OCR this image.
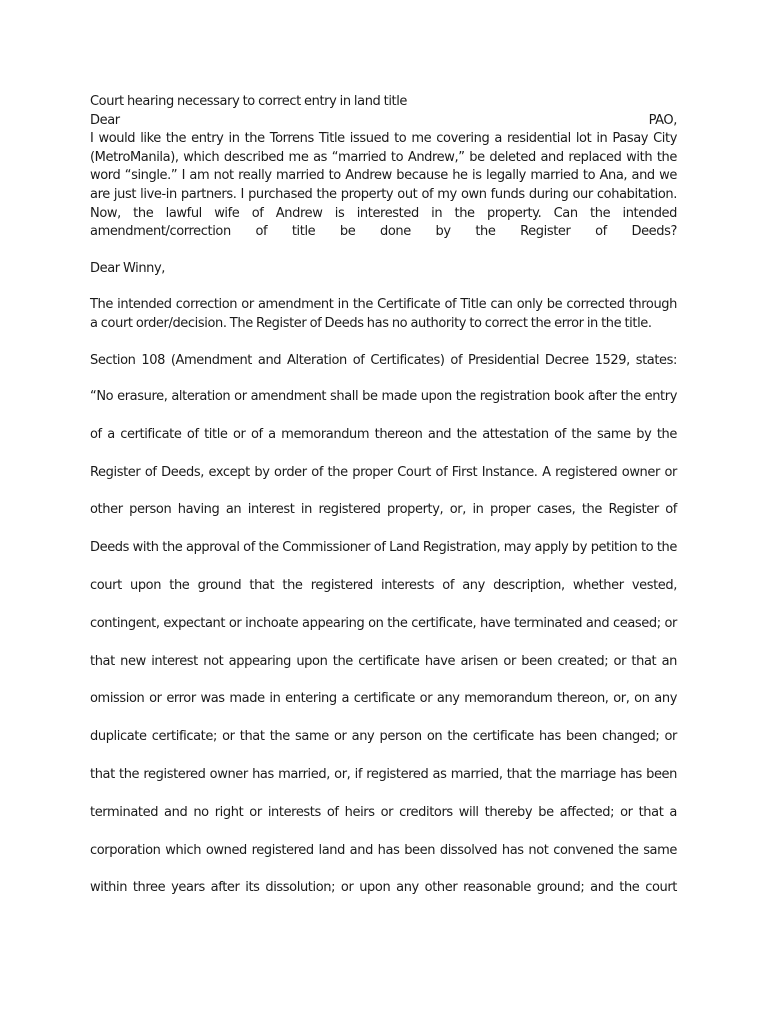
Court hearing necessary to correct entry in land title
Dear	PAO,
I would like the entry in the Torrens Title issued to me covering a residential lot in Pasay City
(MetroManila), which described me as “married to Andrew,” be deleted and replaced with the
word “single.” I am not really married to Andrew because he is legally married to Ana, and we
are just live-in partners. I purchased the property out of my own funds during our cohabitation.
Now, the lawful wife of Andrew is interested in the property. Can the intended
amendment/correction of title be done by the Register of Deeds?
Dear Winny,
The intended correction or amendment in the Certificate of Title can only be corrected through
a court order/decision. The Register of Deeds has no authority to correct the error in the title.
Section 108 (Amendment and Alteration of Certificates) of Presidential Decree 1529, states:
“No erasure, alteration or amendment shall be made upon the registration book after the entry
of a certificate of title or of a memorandum thereon and the attestation of the same by the
Register of Deeds, except by order of the proper Court of First Instance. A registered owner or
other person having an interest in registered property, or, in proper cases, the Register of
Deeds with the approval of the Commissioner of Land Registration, may apply by petition to the
court upon the ground that the registered interests of any description, whether vested,
contingent, expectant or inchoate appearing on the certificate, have terminated and ceased; or
that new interest not appearing upon the certificate have arisen or been created; or that an
omission or error was made in entering a certificate or any memorandum thereon, or, on any
duplicate certificate; or that the same or any person on the certificate has been changed; or
that the registered owner has married, or, if registered as married, that the marriage has been
terminated and no right or interests of heirs or creditors will thereby be affected; or that a
corporation which owned registered land and has been dissolved has not convened the same
within three years after its dissolution; or upon any other reasonable ground; and the court
